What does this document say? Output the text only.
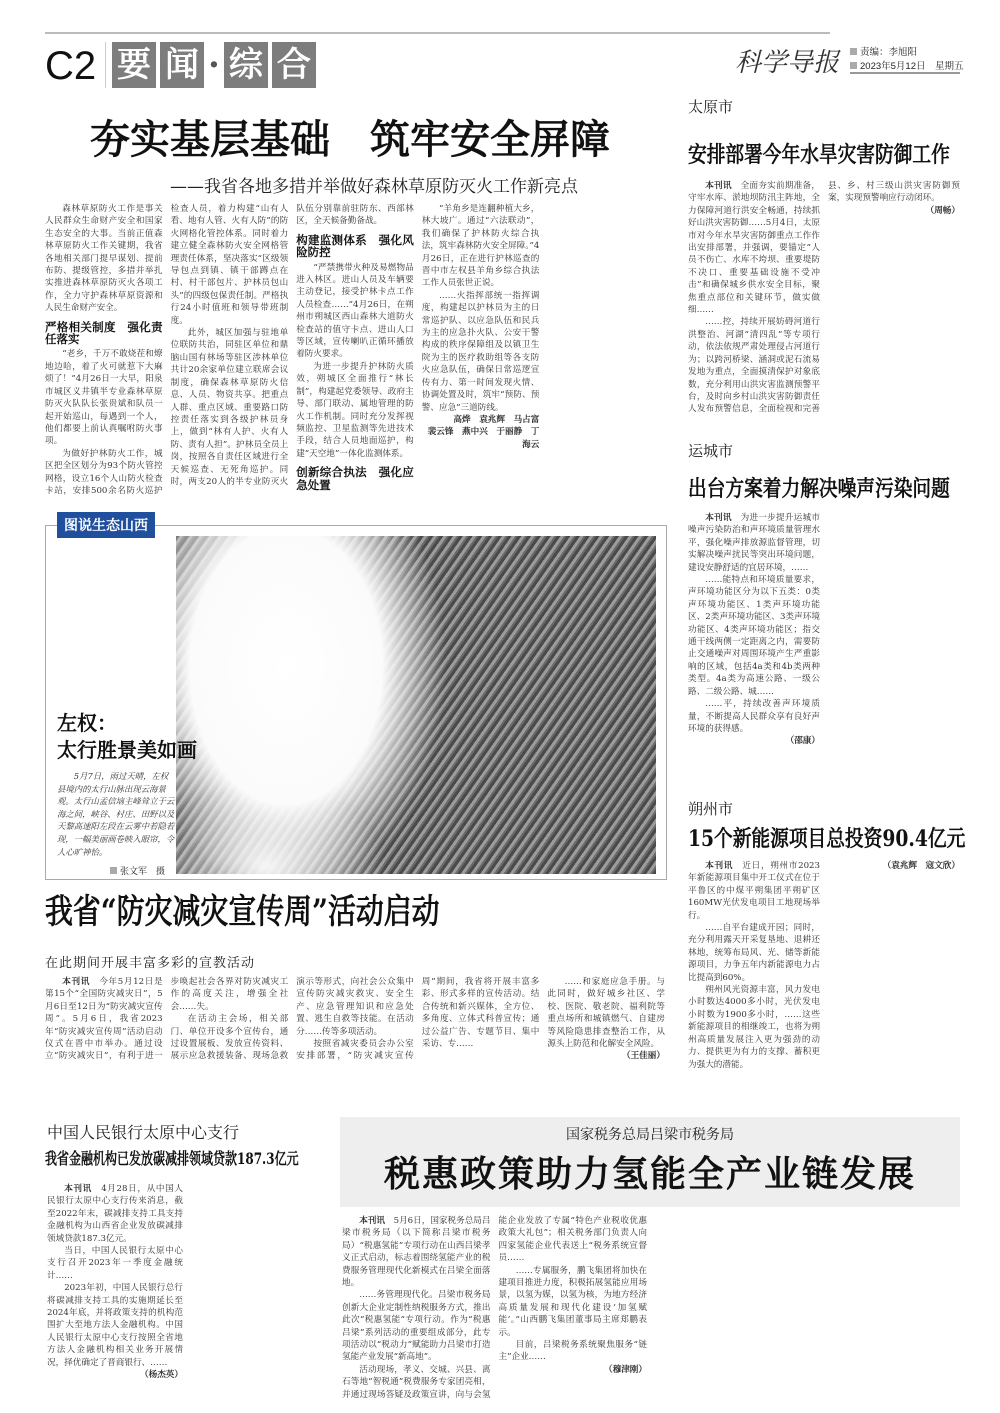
C2 要 闻 · 综 合	科学导报	责编：李旭阳
2023年5月12日　星期五
夯实基层基础　筑牢安全屏障
——我省各地多措并举做好森林草原防灭火工作新亮点

森林草原防火工作是事关人民群众生命财产安全和国家生态安全的大事。当前正值森林草原防火工作关键期，我省各地相关部门提早谋划、提前布防、提级管控，多措并举扎实推进森林草原防灭火各项工作，全力守护森林草原资源和人民生命财产安全。

严格相关制度　强化责任落实

“老乡，千万不敢烧茬和燎地边哈，着了火可就惹下大麻烦了！”4月26日一大早，阳泉市城区义井镇半专业森林草原防灭火队队长张贵斌和队员一起开始巡山，每遇到一个人，他们都要上前认真嘱咐防火事项。

为做好护林防火工作，城区把全区划分为93个防火管控网格，设立16个人山防火检查卡站，安排500余名防火巡护检查人员，着力构建“山有人看、地有人管、火有人防”的防火网格化管控体系。同时着力建立健全森林防火安全网格管理责任体系，坚决落实“区级领导包点到镇、镇干部蹲点在村、村干部包片、护林员包山头”的四级包保责任制。严格执行24小时值班和领导带班制度。

此外，城区加强与驻地单位联防共治，同驻区单位和鼎脑山国有林场等驻区涉林单位共计20余家单位建立联席会议制度，确保森林草原防火信息、人员、物资共享。把重点人群、重点区域、重要路口防控责任落实到各级护林员身上，做到“林有人护、火有人防、责有人担”。护林员全员上岗，按照各自责任区域进行全天候巡查、无死角巡护。同时，两支20人的半专业防灭火队伍分别靠前驻防东、西部林区，全天候备勤备战。

构建监测体系　强化风险防控

“严禁携带火种及易燃物品进入林区。进山人员及车辆要主动登记，接受护林卡点工作人员检查……”4月26日，在朔州市朔城区西山森林大道防火检查站的值守卡点、进山人口等区域，宣传喇叭正循环播放着防火要求。

为进一步提升护林防火质效，朔城区全面推行“林长制”，构建起党委领导、政府主导、部门联动、属地管理的防火工作机制。同时充分发挥视频监控、卫星监测等先进技术手段，结合人员地面巡护，构建“天空地”一体化监测体系。

创新综合执法　强化应急处置

“羊角乡是连翻种植大乡，林大坡广。通过“六法联动”，我们确保了护林防火综合执法，筑牢森林防火安全屏障。”4月26日，正在进行护林巡查的晋中市左权县羊角乡综合执法工作人员张世正说。

……火指挥部统一指挥调度，构建起以护林员为主的日常巡护队、以应急队伍和民兵为主的应急扑火队、公安干警构成的秩序保障组及以镇卫生院为主的医疗救助组等各支防火应急队伍，确保日常巡逻宣传有力、第一时间发现火情、协调处置及时，筑牢“预防、预警、应急”三道防线。

高烨　袁兆辉　马占富　裴云锋　燕中兴　于丽静　丁海云

太原市
安排部署今年水旱灾害防御工作

本刊讯　 全面夯实前期准备，守牢水库、淤地坝防汛主阵地，全力保障河道行洪安全畅通，持续抓好山洪灾害防御……5月4日，太原市对今年水旱灾害防御重点工作作出安排部署，并强调，要锚定“人员不伤亡、水库不垮坝、重要堤防不决口、重要基础设施不受冲击”和确保城乡供水安全目标，聚焦重点部位和关键环节，做实做细……

……控，持续开展妨碍河道行洪整治、河湖“清四乱”等专项行动，依法依规严肃处理侵占河道行为；以跨河桥梁、涵洞或泥石流易发地为重点，全面摸清保护对象底数，充分利用山洪灾害监测预警平台，及时向乡村山洪灾害防御责任人发布预警信息，全面检视和完善县、乡、村三级山洪灾害防御预案，实现预警响应行动闭环。

（周畅）

运城市
出台方案着力解决噪声污染问题

本刊讯　 为进一步提升运城市噪声污染防治和声环境质量管理水平，强化噪声排放源监督管理，切实解决噪声扰民等突出环境问题，建设安静舒适的宜居环境，……

……能特点和环境质量要求，声环境功能区分为以下五类：0类声环境功能区、1类声环境功能区、2类声环境功能区、3类声环境功能区、4类声环境功能区；指交通干线两侧一定距离之内，需要防止交通噪声对周围环境产生严重影响的区域，包括4a类和4b类两种类型。4a类为高速公路、一级公路、二级公路、城……

……平，持续改善声环境质量，不断提高人民群众享有良好声环境的获得感。

（邵康）

朔州市
15个新能源项目总投资90.4亿元

本刊讯　 近日，朔州市2023年新能源项目集中开工仪式在位于平鲁区的中煤平朔集团平朔矿区160MW光伏发电项目工地现场举行。

……自平台建成开园；同时，充分利用露天开采复垦地、退耕还林地，统筹布局风、光、储等新能源项目，力争五年内新能源电力占比提高到60%。

朔州风光资源丰富，风力发电小时数达4000多小时，光伏发电小时数为1900多小时，……这些新能源项目的相继竣工，也将为朔州高质量发展注入更为强劲的动力、提供更为有力的支撑、蓄积更为强大的潜能。

（袁兆辉　寇文欣）

图说生态山西
左权：
太行胜景美如画

5月7日，雨过天晴，左权县境内的太行山脉出现云海景观。太行山孟信垴主峰耸立于云海之间，峡谷、村庄、田野以及天黎高速阳左段在云雾中若隐若现，一幅美丽画卷映入眼帘，令人心旷神怡。

张文军　摄
我省“防灾减灾宣传周”活动启动
在此期间开展丰富多彩的宣教活动

本刊讯　 今年5月12日是第15个“全国防灾减灾日”，5月6日至12日为“防灾减灾宣传周”。5月6日，我省2023年“防灾减灾宣传周”活动启动仪式在晋中市举办。通过设立“防灾减灾日”，有利于进一步唤起社会各界对防灾减灾工作的高度关注，增强全社会……失。

在活动主会场，相关部门、单位开设多个宣传台，通过设置展板、发放宣传资料、展示应急救援装备、现场急救演示等形式，向社会公众集中宣传防灾减灾救灾、安全生产、应急管理知识和应急处置、逃生自救等技能。在活动分……传等多项活动。

按照省减灾委员会办公室安排部署，“防灾减灾宣传周”期间，我省将开展丰富多彩、形式多样的宣传活动。结合传统和新兴媒体，全方位、多角度、立体式科普宣传；通过公益广告、专题节目、集中采访、专……

……和家庭应急手册。与此同时，做好城乡社区、学校、医院、敬老院、福利院等重点场所和城镇燃气、自建房等风险隐患排查整治工作，从源头上防范和化解安全风险。

（王佳丽）

中国人民银行太原中心支行
我省金融机构已发放碳减排领域贷款187.3亿元

本刊讯　 4月28日，从中国人民银行太原中心支行传来消息，截至2022年末，碳减排支持工具支持金融机构为山西省企业发放碳减排领域贷款187.3亿元。

当日，中国人民银行太原中心支行召开2023年一季度金融统计……

2023年初，中国人民银行总行将碳减排支持工具的实施期延长至2024年底，并将政策支持的机构范围扩大至地方法人金融机构。中国人民银行太原中心支行按照全省地方法人金融机构相关业务开展情况，择优确定了晋商银行、……

（杨杰英）

国家税务总局吕梁市税务局
税惠政策助力氢能全产业链发展

本刊讯　 5月6日，国家税务总局吕梁市税务局（以下简称吕梁市税务局）“税惠氢能”专项行动在山西吕梁孝义正式启动，标志着围绕氢能产业的税费服务管理现代化新模式在吕梁全面落地。

……务管理现代化。吕梁市税务局创新大企业定制性纳税服务方式，推出此次“税惠氢能”专项行动。作为“税惠吕梁”系列活动的重要组成部分，此专项活动以“税动力”赋能助力吕梁市打造氢能产业发展“新高地”。

活动现场，孝义、交城、兴县、离石等地“智税通”税费服务专家团亮相，并通过现场答疑及政策宣讲，向与会氢能企业发放了专属“特色产业税收优惠政策大礼包”；相关税务部门负责人向四家氢能企业代表送上“税务系统宣督员……

……专属服务，鹏飞集团将加快在建项目推进力度，积极拓展氢能应用场景，以氢为媒，以氢为核，为地方经济高质量发展和现代化建设‘加氢赋能’。”山西鹏飞集团董事局主席郑鹏表示。

目前，吕梁税务系统聚焦服务“链主”企业……

（穆津刚）
